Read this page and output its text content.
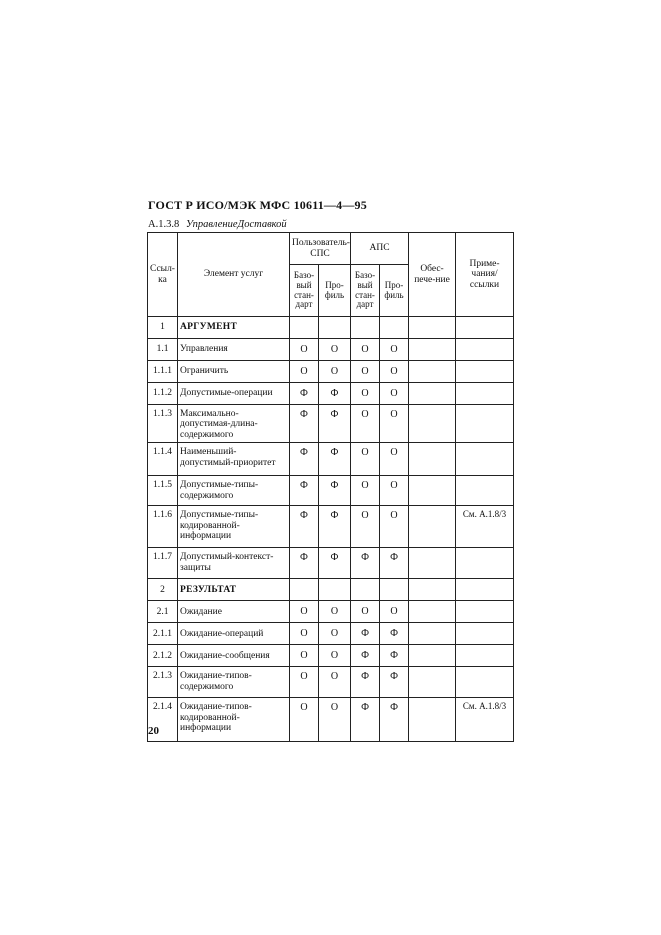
ГОСТ Р ИСО/МЭК МФС 10611—4—95
A.1.3.8 УправлениеДоставкой
Ссыл-ка	Элемент услуг	Пользователь-СПС		АПС		Обес-пече-ние	Приме-чания/ссылки
		Базо-вый стан-дарт	Про-филь	Базо-вый стан-дарт	Про-филь		
1	АРГУМЕНТ						
1.1	Управления	О	О	О	О		
1.1.1	Ограничить	О	О	О	О		
1.1.2	Допустимые-операции	Ф	Ф	О	О		
1.1.3	Максимально-допустимая-длина-содержимого	Ф	Ф	О	О		
1.1.4	Наименьший-допустимый-приоритет	Ф	Ф	О	О		
1.1.5	Допустимые-типы-содержимого	Ф	Ф	О	О		
1.1.6	Допустимые-типы-кодированной-информации	Ф	Ф	О	О		См. А.1.8/3
1.1.7	Допустимый-контекст-защиты	Ф	Ф	Ф	Ф		
2	РЕЗУЛЬТАТ						
2.1	Ожидание	О	О	О	О		
2.1.1	Ожидание-операций	О	О	Ф	Ф		
2.1.2	Ожидание-сообщения	О	О	Ф	Ф		
2.1.3	Ожидание-типов-содержимого	О	О	Ф	Ф		
2.1.4	Ожидание-типов-кодированной-информации	О	О	Ф	Ф		См. А.1.8/3
20
